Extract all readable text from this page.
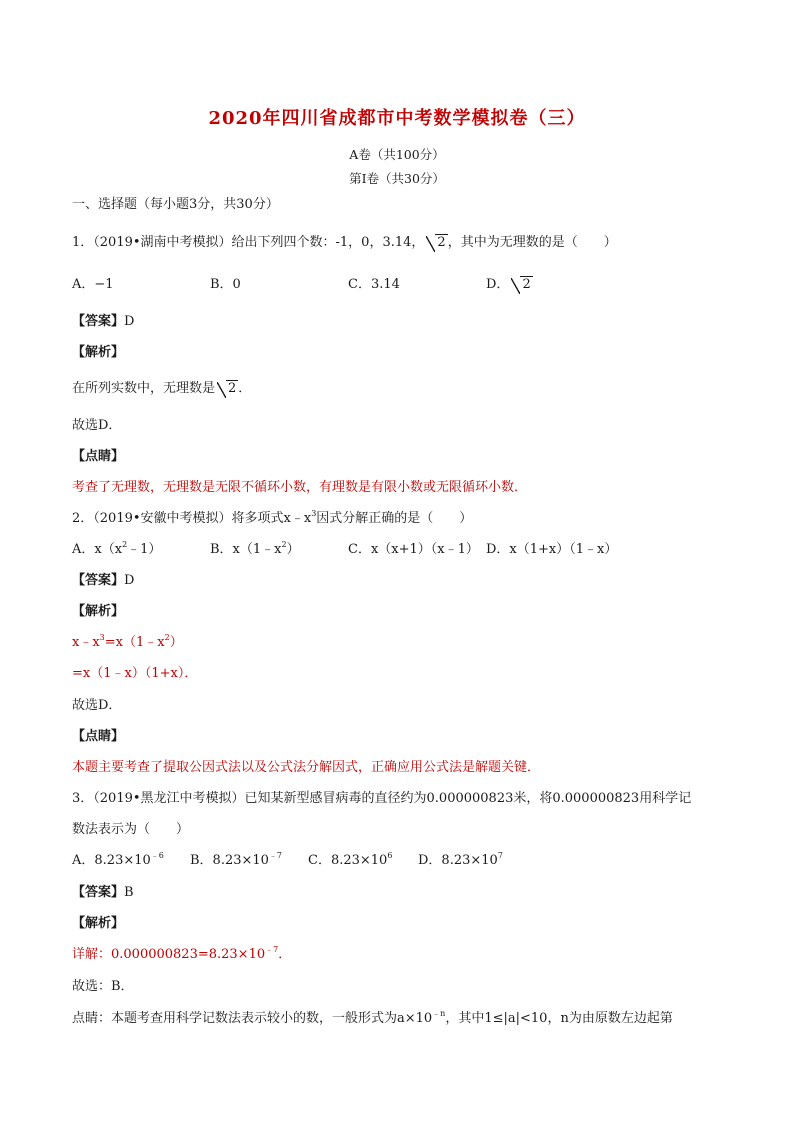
2020年四川省成都市中考数学模拟卷（三）
A卷（共100分）
第Ⅰ卷（共30分）
一、选择题（每小题3分，共30分）
1．（2019•湖南中考模拟）给出下列四个数：-1，0，3.14， 2 ，其中为无理数的是（　　）
A．−1	B．0	C．3.14	D． 2
【答案】D
【解析】
在所列实数中，无理数是 2 ．
故选D．
【点睛】
考查了无理数，无理数是无限不循环小数，有理数是有限小数或无限循环小数．
2．（2019•安徽中考模拟）将多项式$x﹣x^3$因式分解正确的是（　　）
A．$x(x^2﹣1)$	B．$x(1﹣x^2)$	C．x（x+1）（x﹣1） D．x（1+x）（1﹣x）
【答案】D
【解析】
$x﹣x^3=x(1﹣x^2)$
=x（1﹣x）（1+x）．
故选D．
【点睛】
本题主要考查了提取公因式法以及公式法分解因式，正确应用公式法是解题关键．
3．（2019•黑龙江中考模拟）已知某新型感冒病毒的直径约为0.000000823米，将0.000000823用科学记
数法表示为（　　）
A．$8.23\times 10^{﹣6}$ B．$8.23\times 10^{﹣7}$ C．$8.23\times 10^6$ D．$8.23\times 10^7$
【答案】B
【解析】
详解：$0.000000823=8.23\times 10^{﹣7}$．
故选：B．
点睛：本题考查用科学记数法表示较小的数，一般形式为$a\times 10^{﹣n}$，其中1≤|a|<10，n为由原数左边起第
